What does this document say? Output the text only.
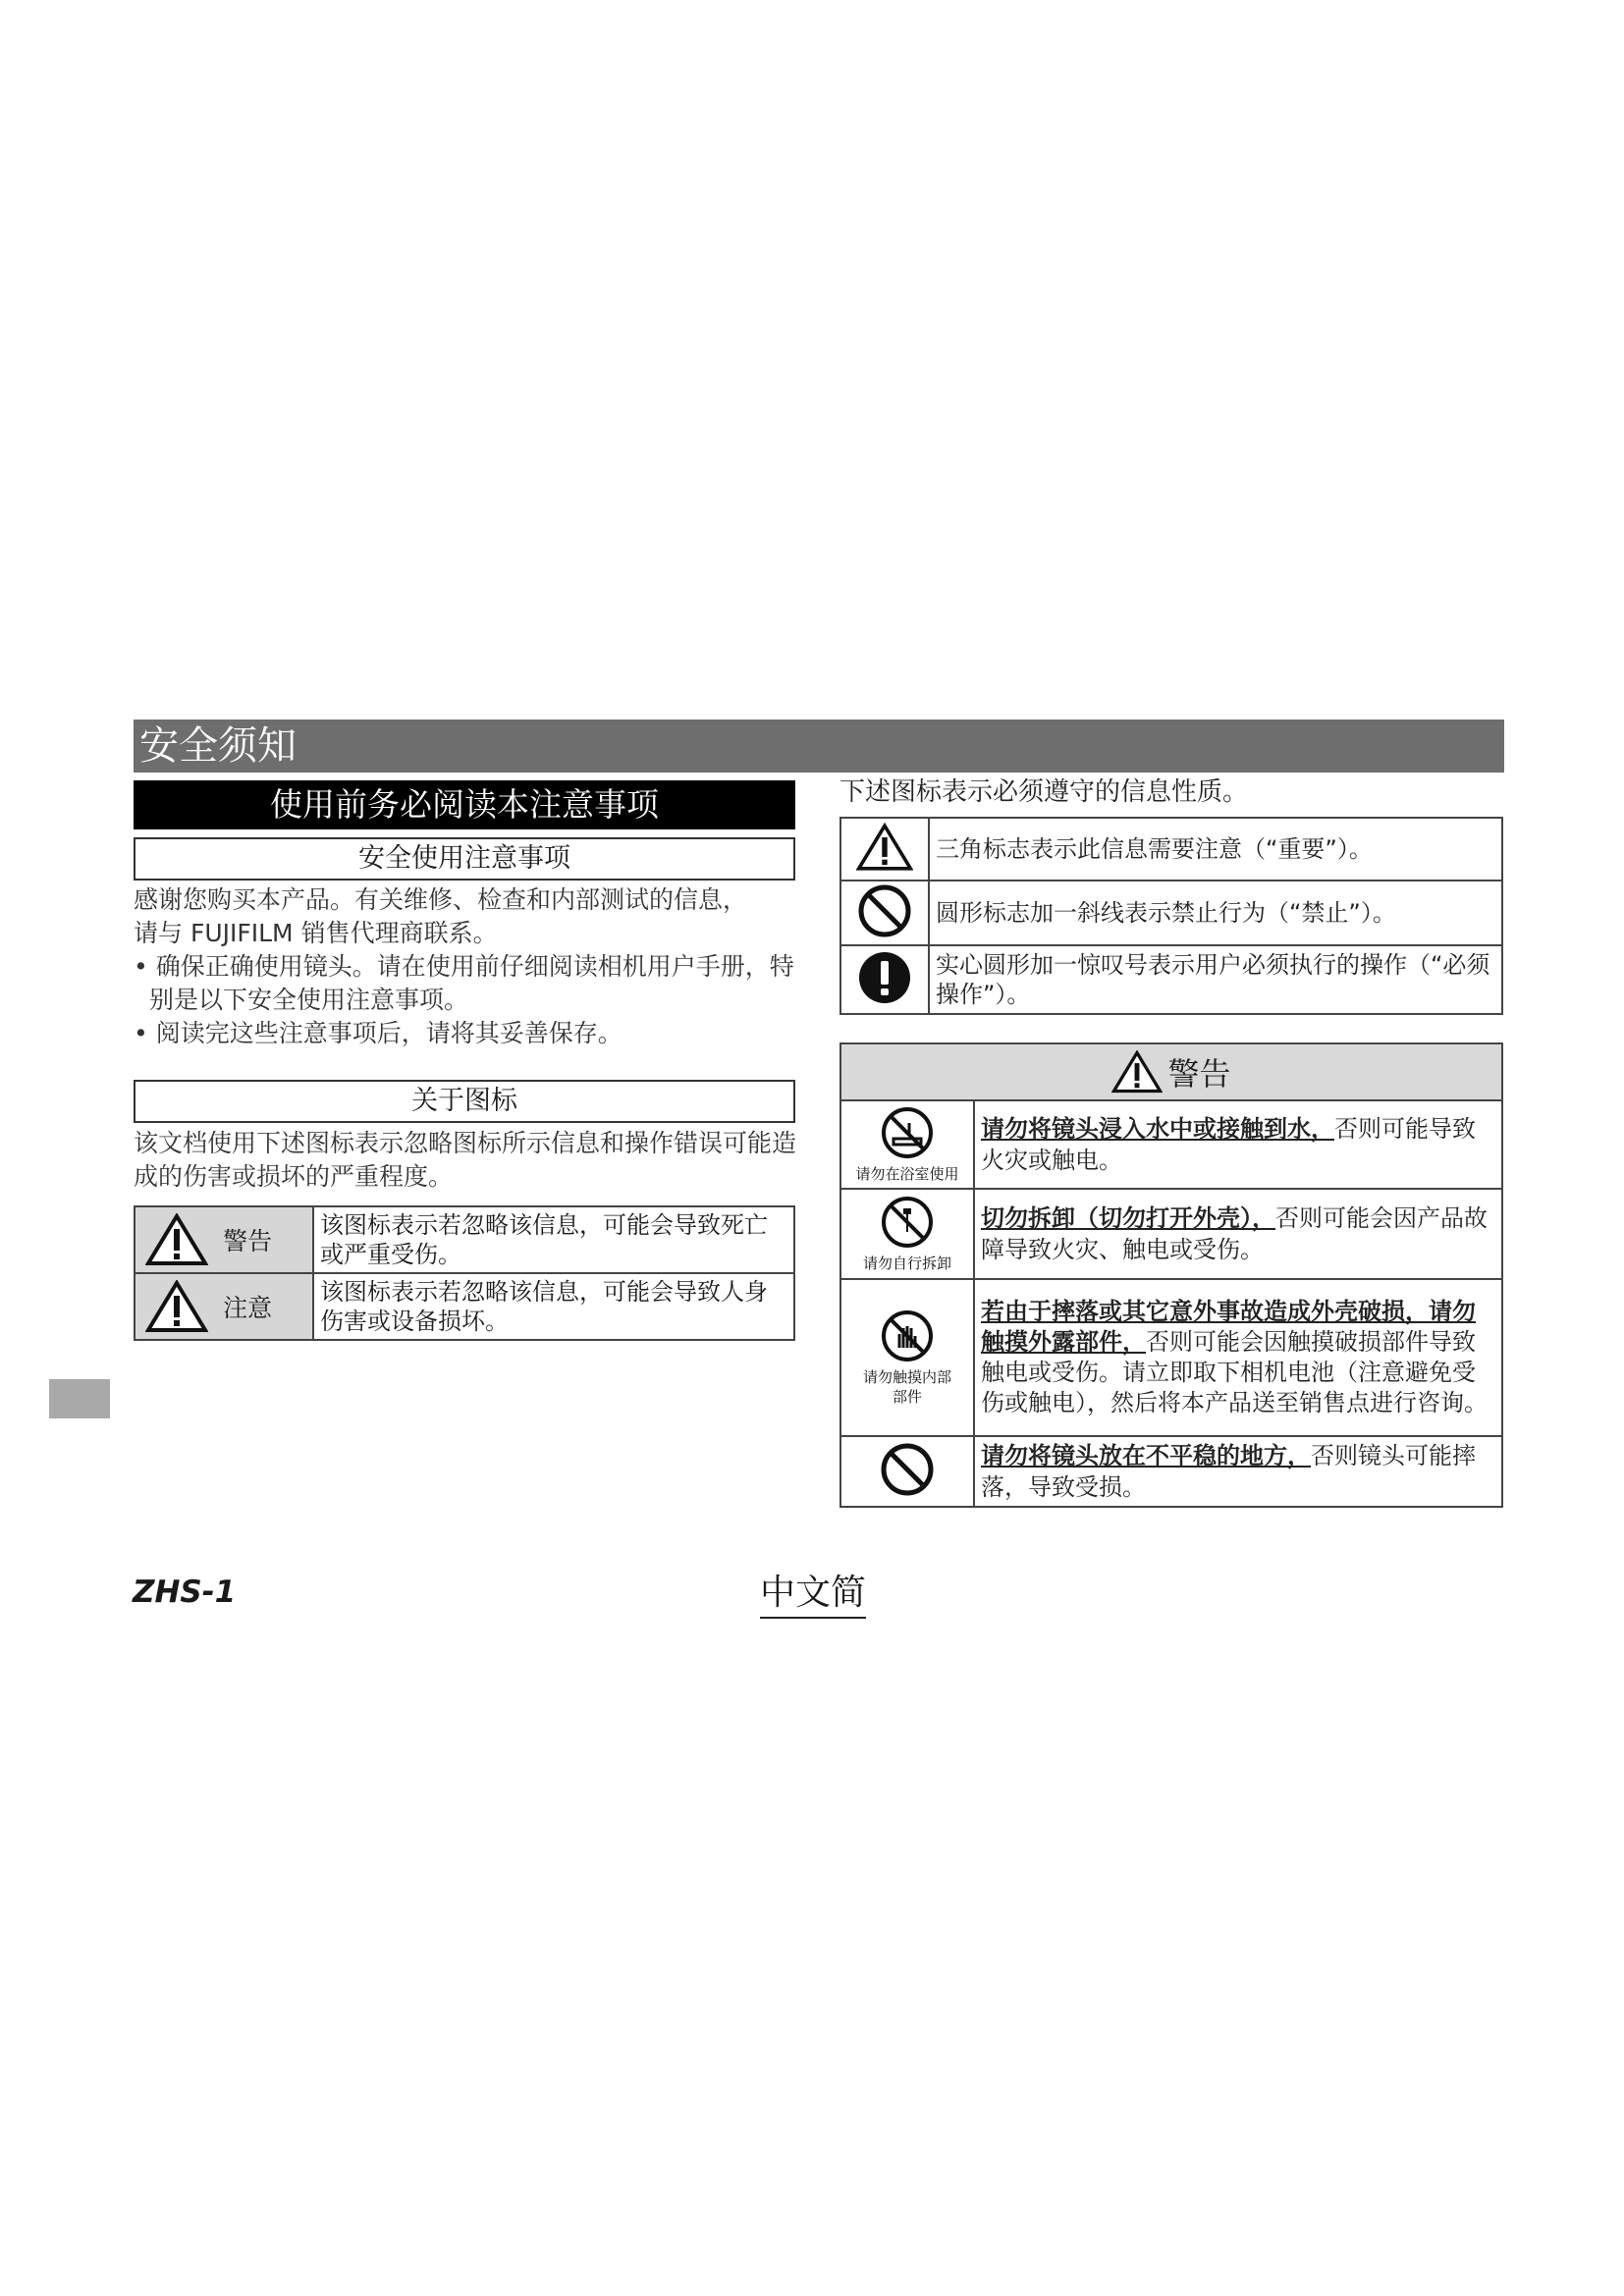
安全须知
使用前务必阅读本注意事项
安全使用注意事项

感谢您购买本产品。有关维修、检查和内部测试的信息，

请与 FUJIFILM 销售代理商联系。

• 确保正确使用镜头。请在使用前仔细阅读相机用户手册，特别是以下安全使用注意事项。

• 阅读完这些注意事项后，请将其妥善保存。

关于图标
该文档使用下述图标表示忽略图标所示信息和操作错误可能造成的伤害或损坏的严重程度。
警告	该图标表示若忽略该信息，可能会导致死亡或严重受伤。
注意	该图标表示若忽略该信息，可能会导致人身伤害或设备损坏。
下述图标表示必须遵守的信息性质。
	三角标志表示此信息需要注意（“重要”）。
	圆形标志加一斜线表示禁止行为（“禁止”）。
	实心圆形加一惊叹号表示用户必须执行的操作（“必须操作”）。
警告	

请勿在浴室使用	请勿将镜头浸入水中或接触到水，否则可能导致火灾或触电。

请勿自行拆卸	切勿拆卸（切勿打开外壳），否则可能会因产品故障导致火灾、触电或受伤。

请勿触摸内部部件	若由于摔落或其它意外事故造成外壳破损，请勿触摸外露部件，否则可能会因触摸破损部件导致触电或受伤。请立即取下相机电池（注意避免受伤或触电），然后将本产品送至销售点进行咨询。
	请勿将镜头放在不平稳的地方，否则镜头可能摔落，导致受损。
ZHS-1	中文简
